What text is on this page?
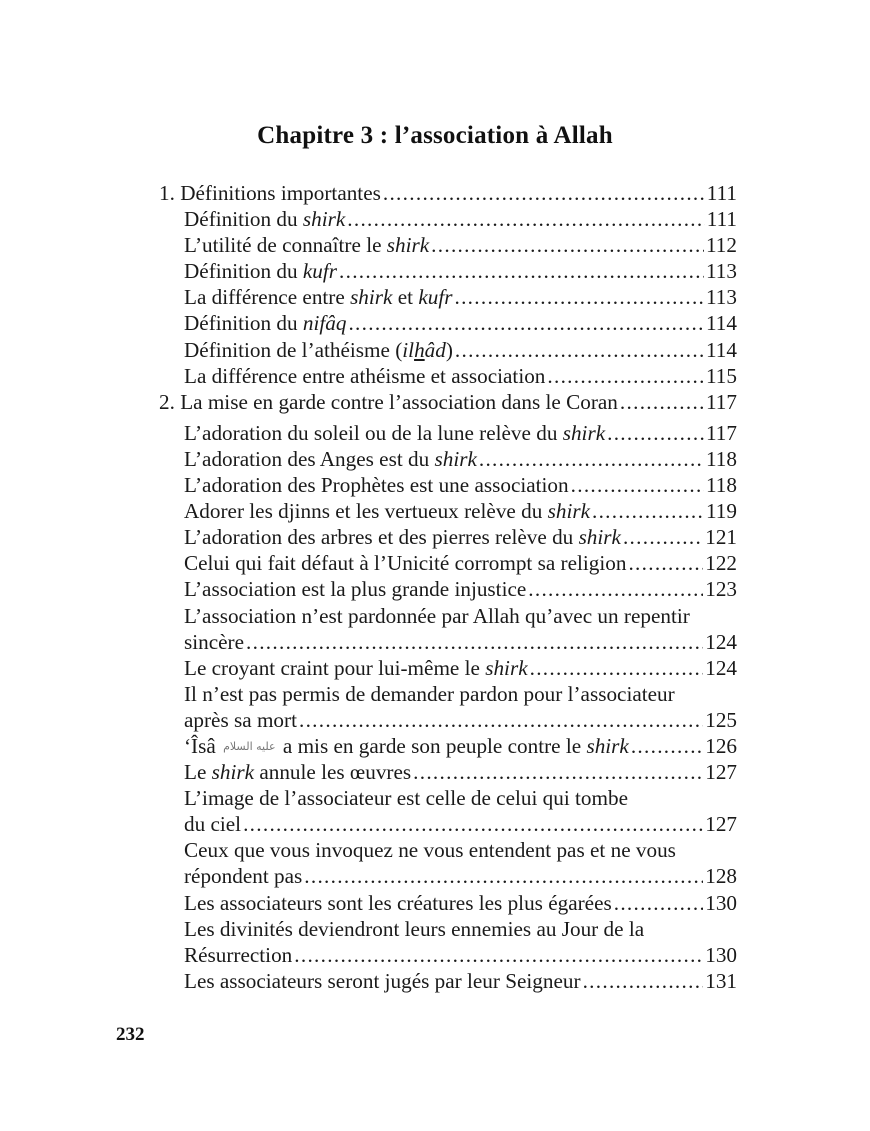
Chapitre 3 : l’association à Allah
1. Définitions importantes .....	111
Définition du shirk .....	111
L’utilité de connaître le shirk .....	112
Définition du kufr .....	113
La différence entre shirk et kufr .....	113
Définition du nifâq .....	114
Définition de l’athéisme (ilhâd) .....	114
La différence entre athéisme et association .....	115
2. La mise en garde contre l’association dans le Coran .....	117
L’adoration du soleil ou de la lune relève du shirk .....	117
L’adoration des Anges est du shirk .....	118
L’adoration des Prophètes est une association .....	118
Adorer les djinns et les vertueux relève du shirk .....	119
L’adoration des arbres et des pierres relève du shirk .....	121
Celui qui fait défaut à l’Unicité corrompt sa religion .....	122
L’association est la plus grande injustice .....	123
L’association n’est pardonnée par Allah qu’avec un repentir
sincère .....	124
Le croyant craint pour lui-même le shirk .....	124
Il n’est pas permis de demander pardon pour l’associateur
après sa mort .....	125
‘Îsâ عليه السلام a mis en garde son peuple contre le shirk .....	126
Le shirk annule les œuvres .....	127
L’image de l’associateur est celle de celui qui tombe
du ciel .....	127
Ceux que vous invoquez ne vous entendent pas et ne vous
répondent pas .....	128
Les associateurs sont les créatures les plus égarées .....	130
Les divinités deviendront leurs ennemies au Jour de la
Résurrection .....	130
Les associateurs seront jugés par leur Seigneur .....	131
232
